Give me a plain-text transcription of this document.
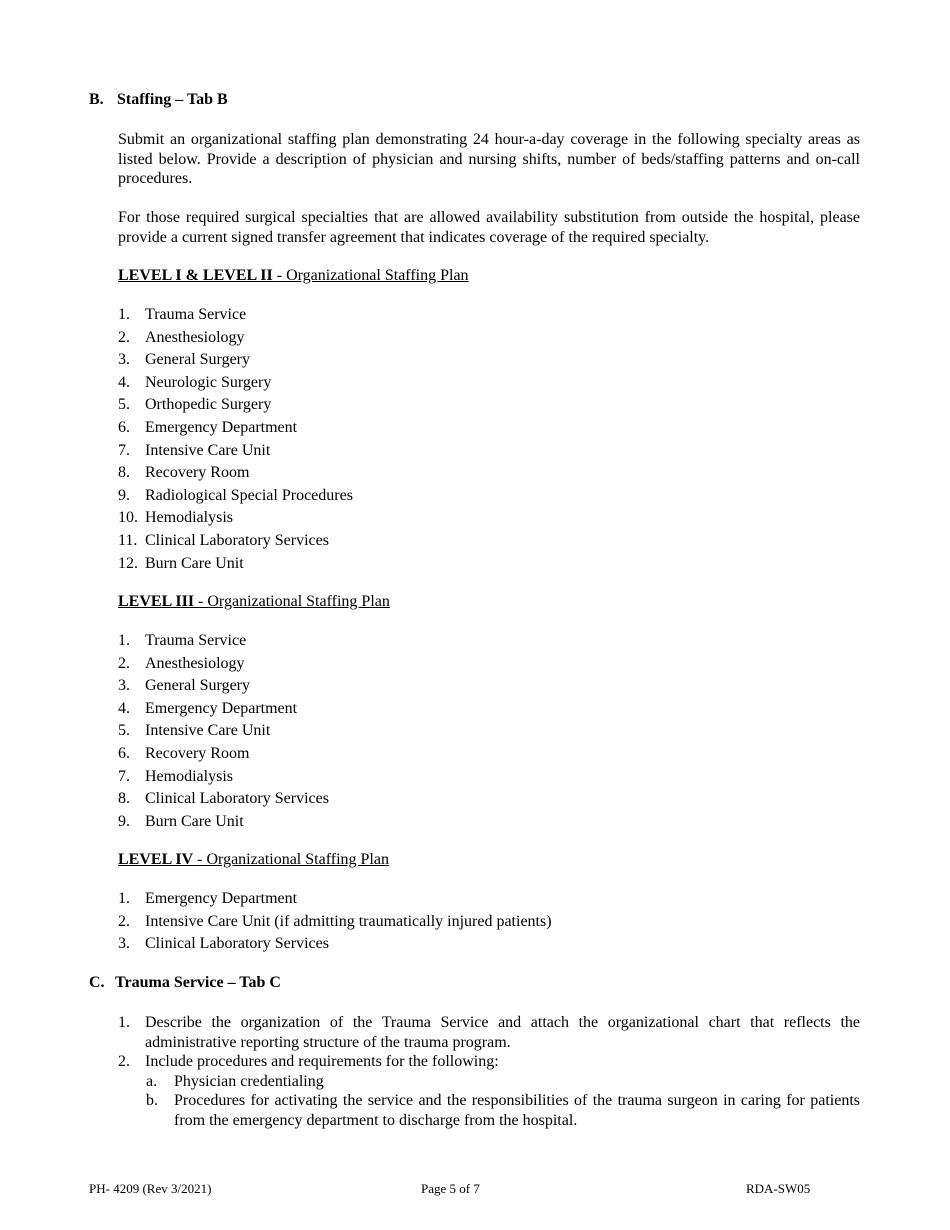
B. Staffing – Tab B

Submit an organizational staffing plan demonstrating 24 hour-a-day coverage in the following specialty areas as listed below. Provide a description of physician and nursing shifts, number of beds/staffing patterns and on-call procedures.

For those required surgical specialties that are allowed availability substitution from outside the hospital, please provide a current signed transfer agreement that indicates coverage of the required specialty.

LEVEL I & LEVEL II - Organizational Staffing Plan
1. Trauma Service
2. Anesthesiology
3. General Surgery
4. Neurologic Surgery
5. Orthopedic Surgery
6. Emergency Department
7. Intensive Care Unit
8. Recovery Room
9. Radiological Special Procedures
10. Hemodialysis
11. Clinical Laboratory Services
12. Burn Care Unit
LEVEL III - Organizational Staffing Plan
1. Trauma Service
2. Anesthesiology
3. General Surgery
4. Emergency Department
5. Intensive Care Unit
6. Recovery Room
7. Hemodialysis
8. Clinical Laboratory Services
9. Burn Care Unit
LEVEL IV - Organizational Staffing Plan
1. Emergency Department
2. Intensive Care Unit (if admitting traumatically injured patients)
3. Clinical Laboratory Services
C. Trauma Service – Tab C
1. Describe the organization of the Trauma Service and attach the organizational chart that reflects the administrative reporting structure of the trauma program.
2. Include procedures and requirements for the following:
a. Physician credentialing
b. Procedures for activating the service and the responsibilities of the trauma surgeon in caring for patients from the emergency department to discharge from the hospital.
PH- 4209 (Rev 3/2021)	Page 5 of 7	RDA-SW05
